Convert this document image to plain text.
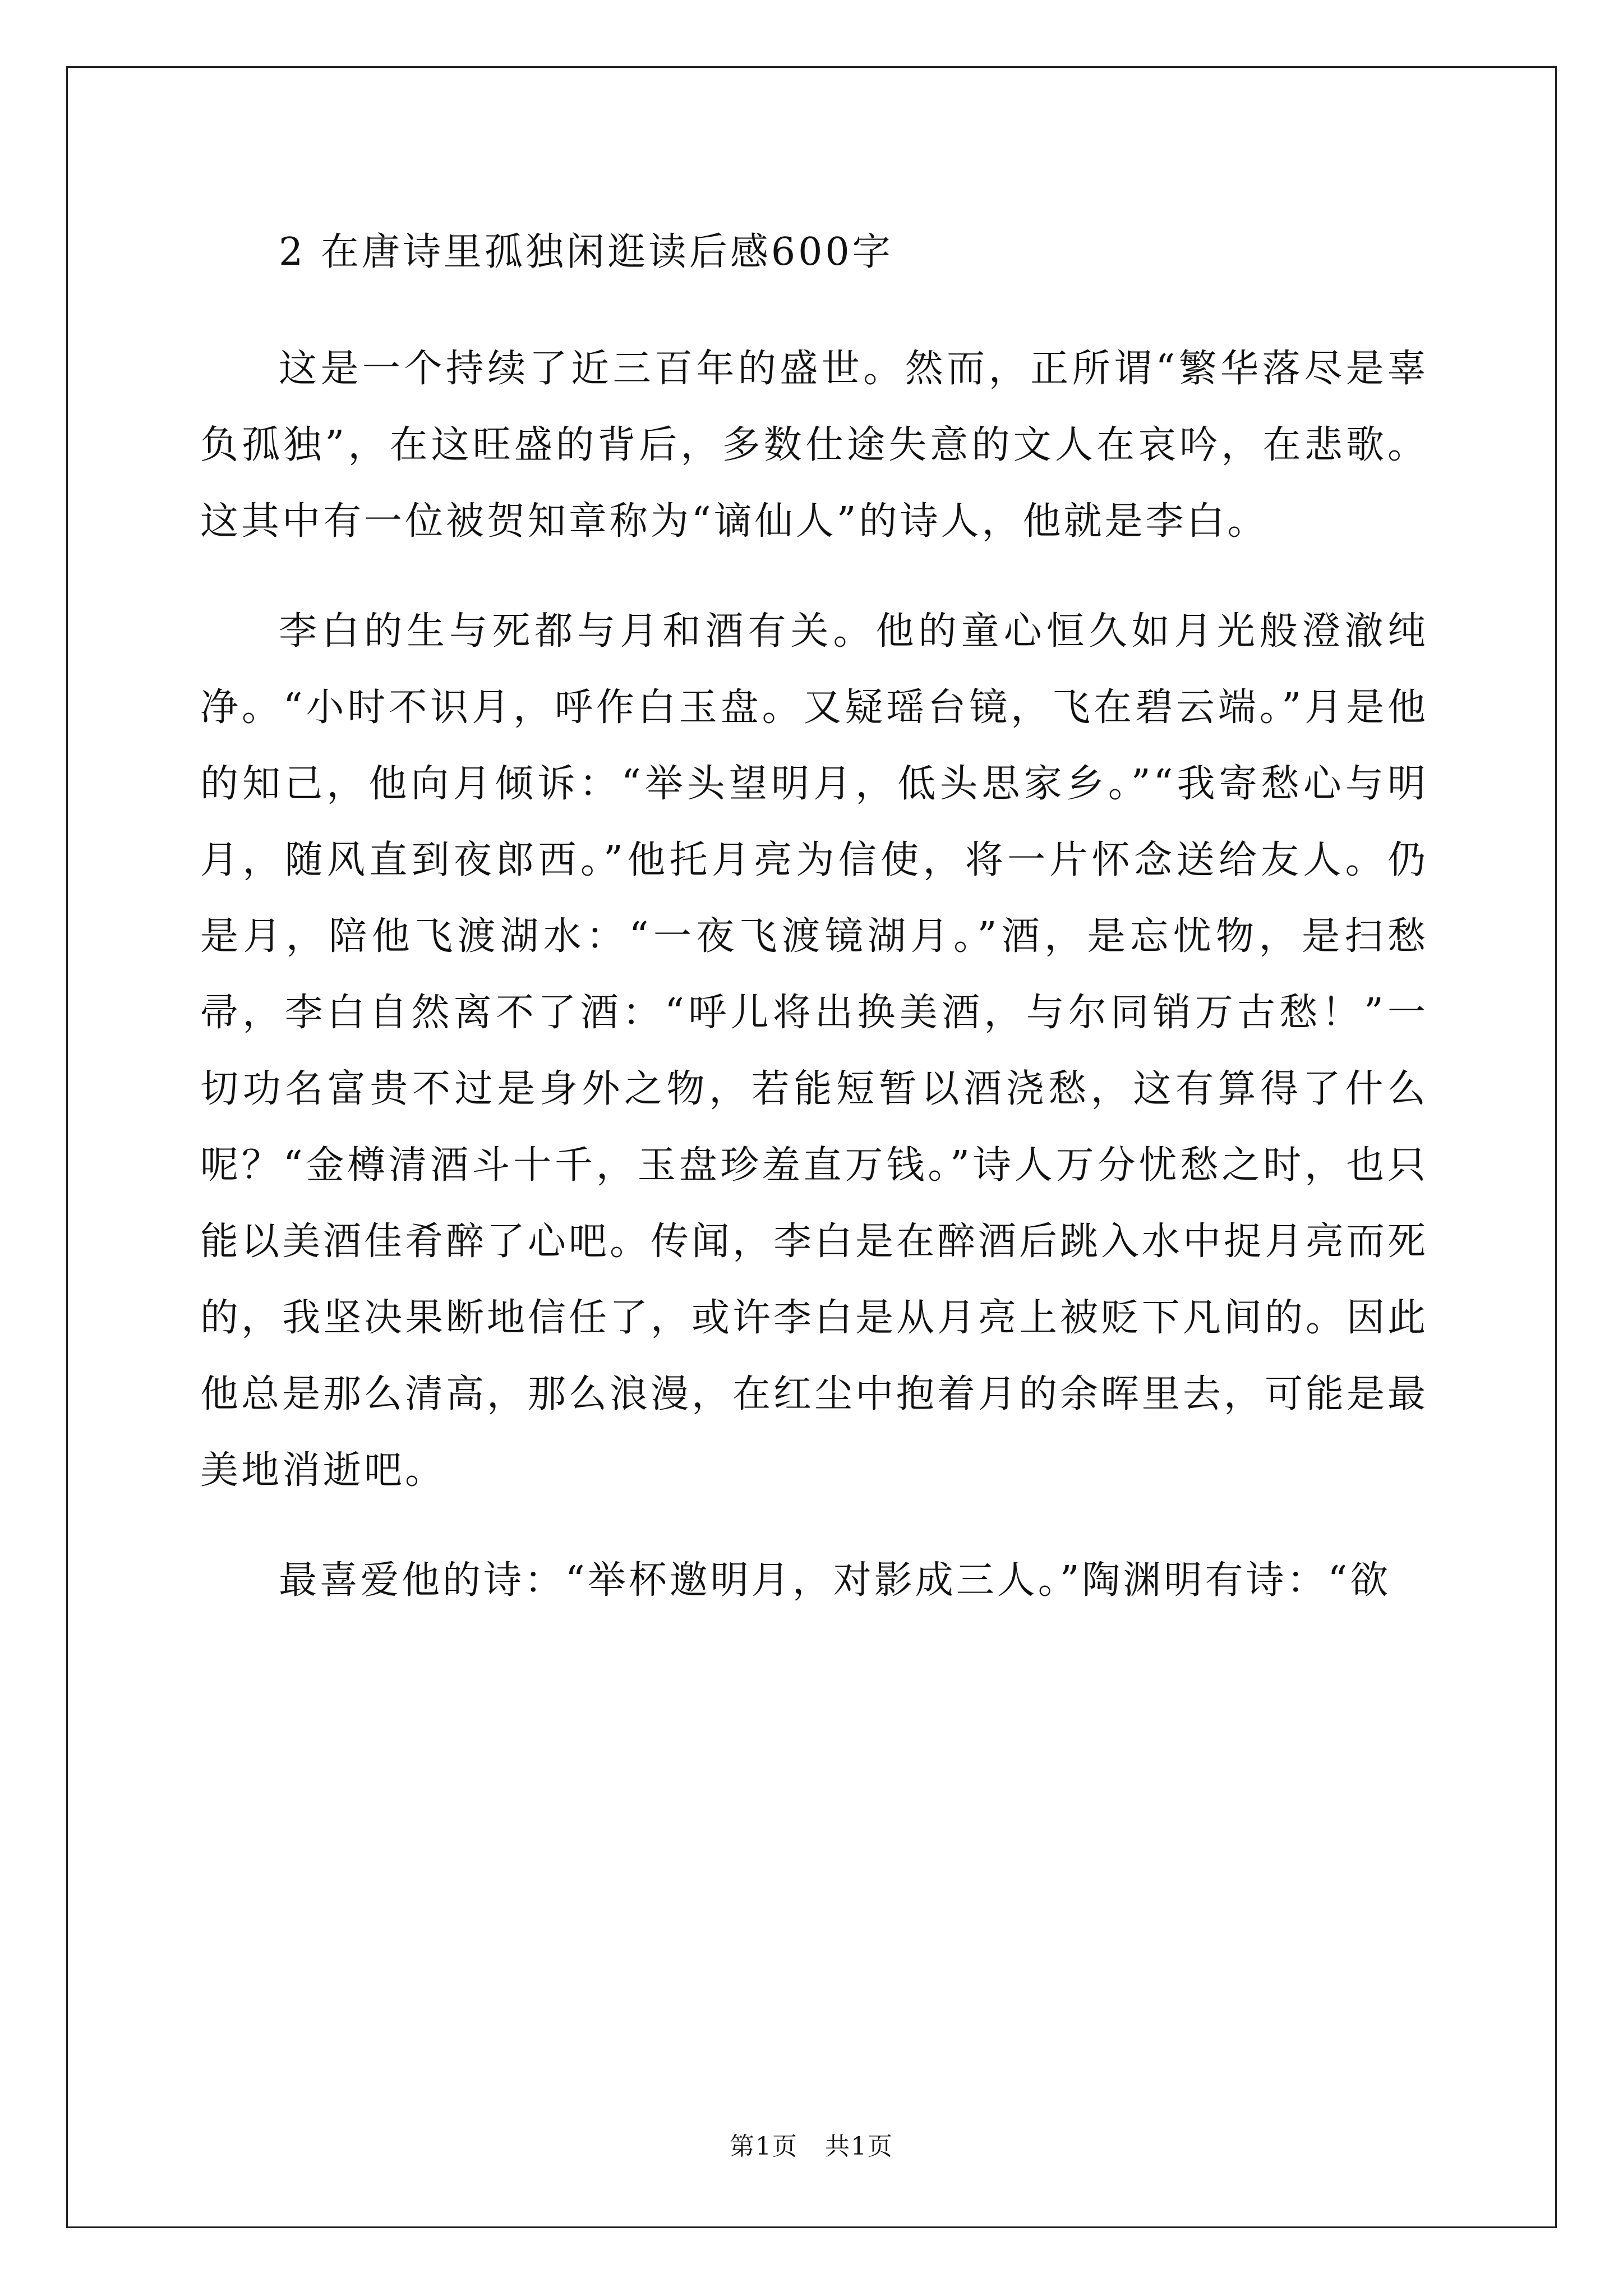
2 在唐诗里孤独闲逛读后感600字

这是一个持续了近三百年的盛世。然而，正所谓“繁华落尽是辜负孤独”，在这旺盛的背后，多数仕途失意的文人在哀吟，在悲歌。这其中有一位被贺知章称为“谪仙人”的诗人，他就是李白。

李白的生与死都与月和酒有关。他的童心恒久如月光般澄澈纯净。“小时不识月，呼作白玉盘。又疑瑶台镜，飞在碧云端。”月是他的知己，他向月倾诉：“举头望明月，低头思家乡。”“我寄愁心与明月，随风直到夜郎西。”他托月亮为信使，将一片怀念送给友人。仍是月，陪他飞渡湖水：“一夜飞渡镜湖月。”酒，是忘忧物，是扫愁帚，李白自然离不了酒：“呼儿将出换美酒，与尔同销万古愁！”一切功名富贵不过是身外之物，若能短暂以酒浇愁，这有算得了什么呢？“金樽清酒斗十千，玉盘珍羞直万钱。”诗人万分忧愁之时，也只能以美酒佳肴醉了心吧。传闻，李白是在醉酒后跳入水中捉月亮而死的，我坚决果断地信任了，或许李白是从月亮上被贬下凡间的。因此他总是那么清高，那么浪漫，在红尘中抱着月的余晖里去，可能是最美地消逝吧。

最喜爱他的诗：“举杯邀明月，对影成三人。”陶渊明有诗：“欲

第1页 共1页
